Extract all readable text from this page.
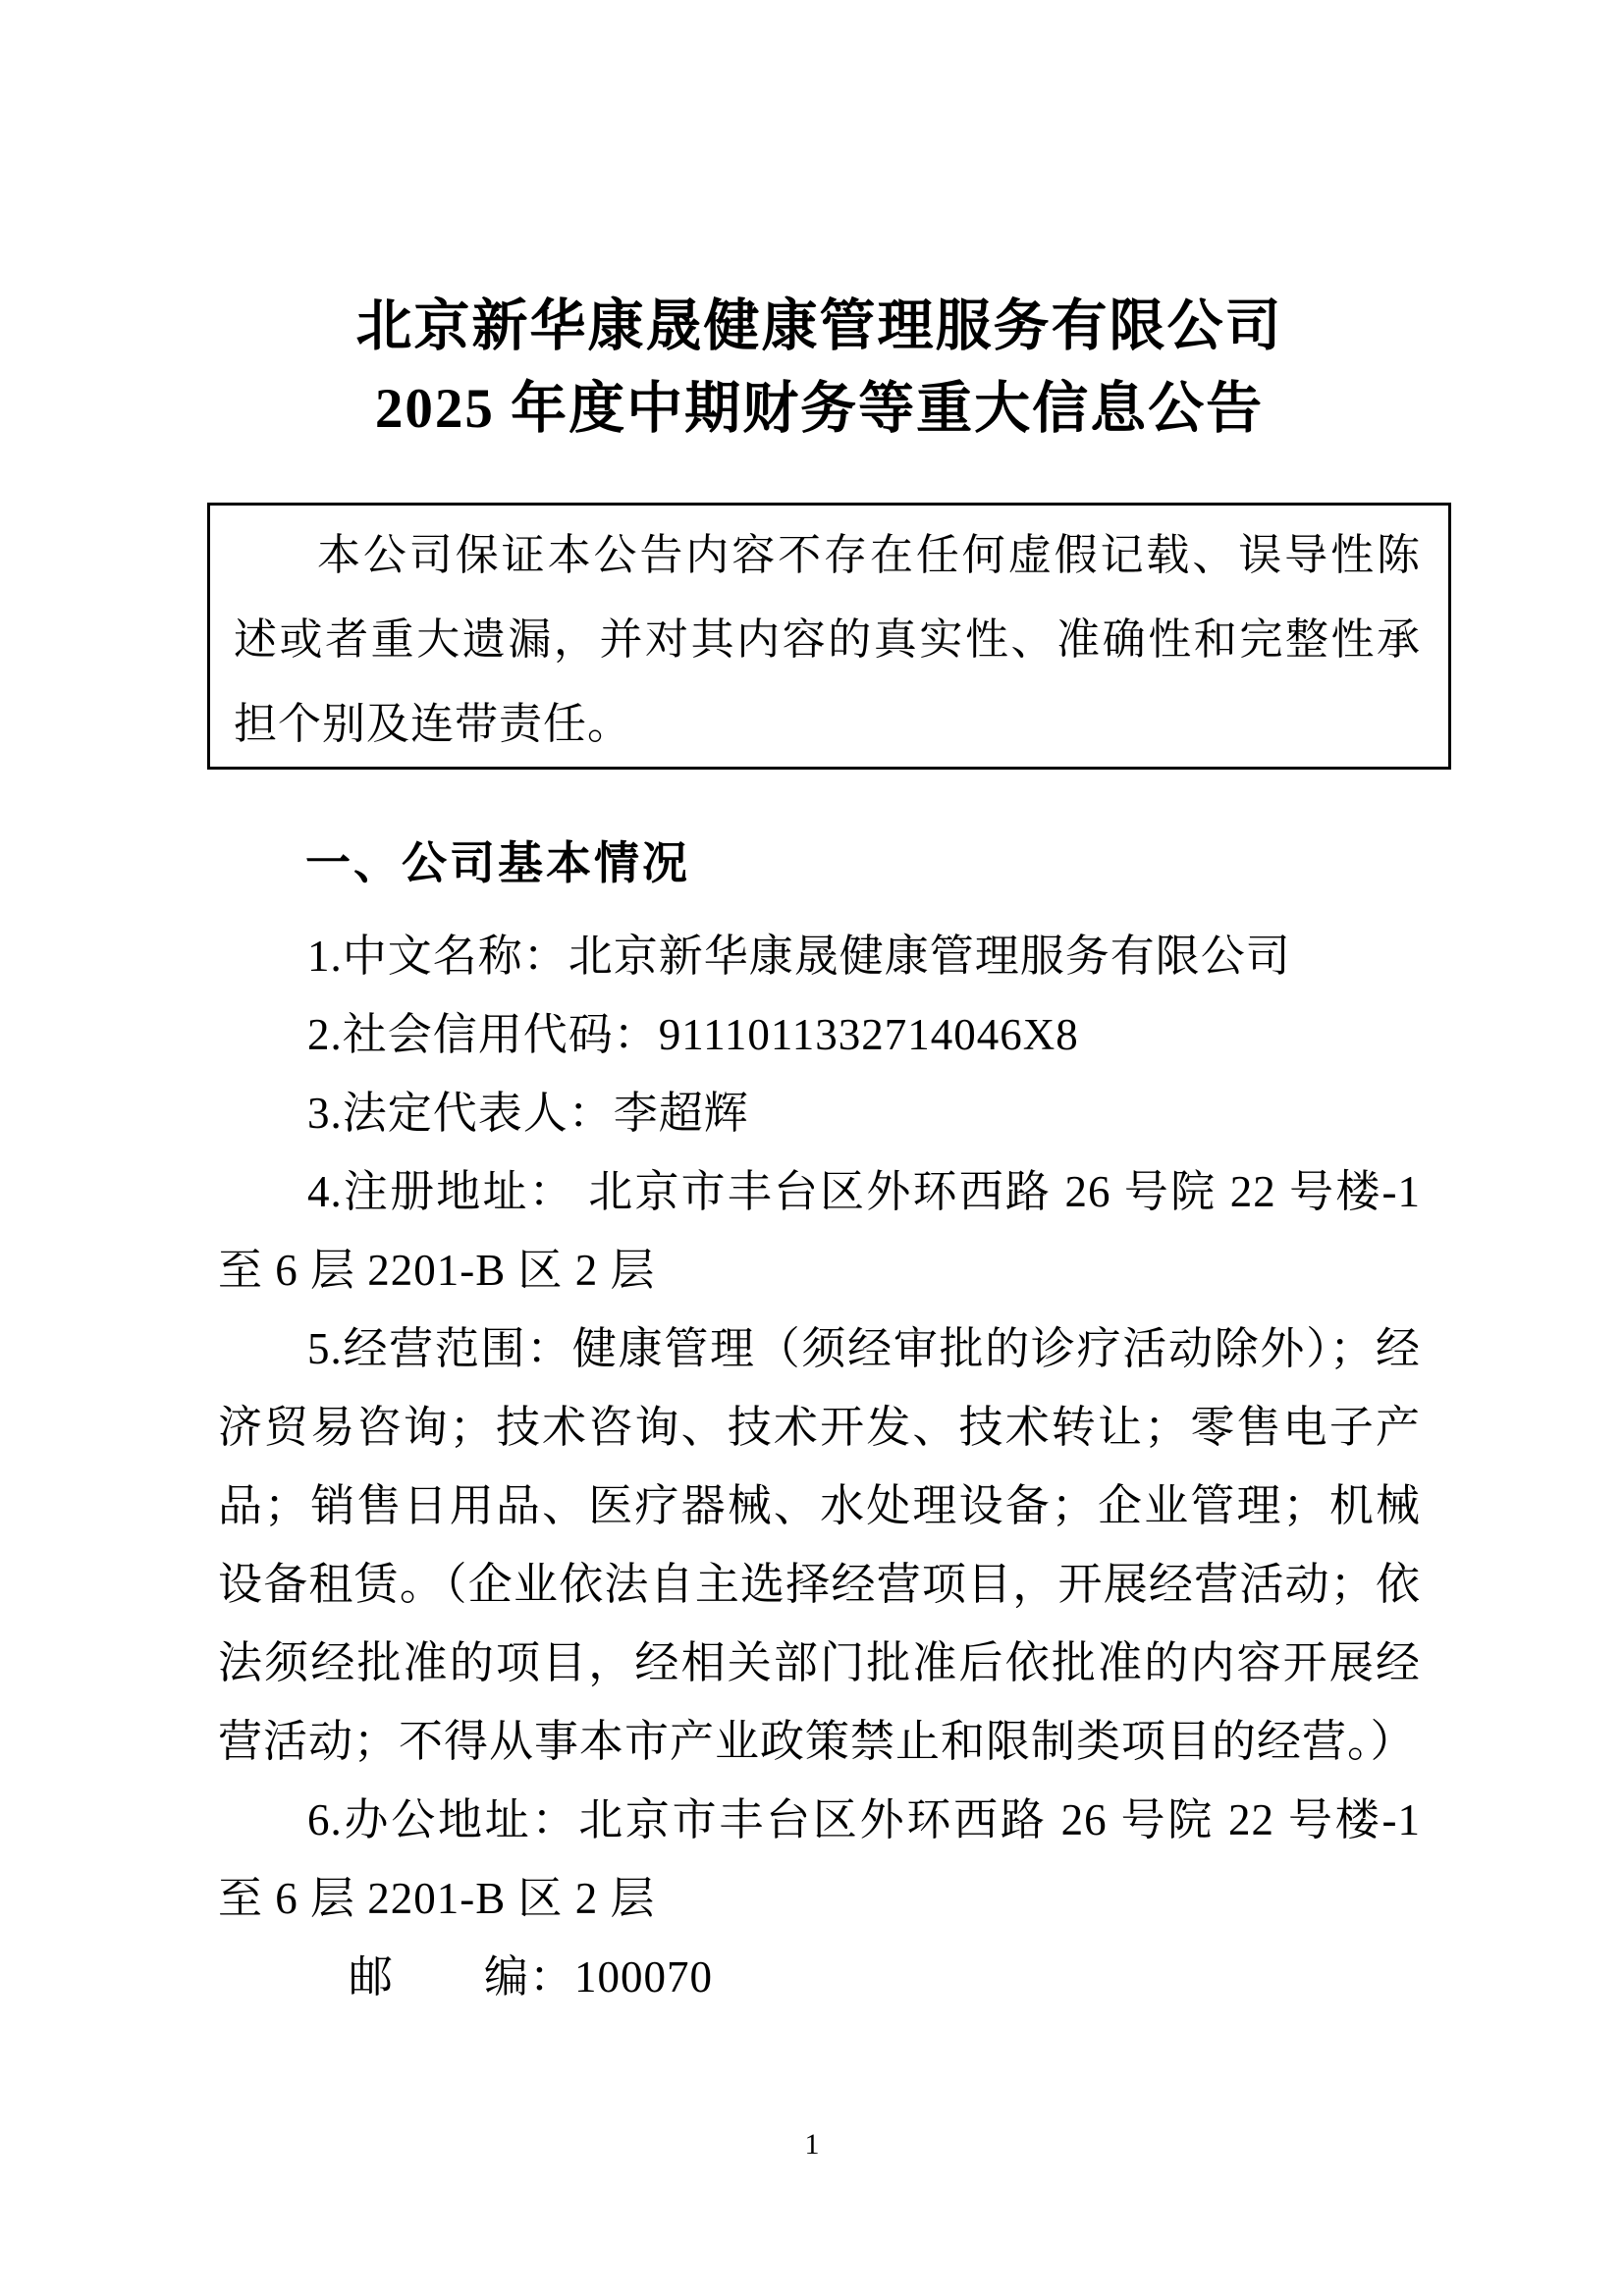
北京新华康晟健康管理服务有限公司
2025 年度中期财务等重大信息公告

本公司保证本公告内容不存在任何虚假记载、误导性陈述或者重大遗漏，并对其内容的真实性、准确性和完整性承担个别及连带责任。

一、公司基本情况

1.中文名称：北京新华康晟健康管理服务有限公司

2.社会信用代码：9111011332714046X8

3.法定代表人：李超辉

4.注册地址： 北京市丰台区外环西路 26 号院 22 号楼-1 至 6 层 2201-B 区 2 层

5.经营范围：健康管理（须经审批的诊疗活动除外）；经济贸易咨询；技术咨询、技术开发、技术转让；零售电子产品；销售日用品、医疗器械、水处理设备；企业管理；机械设备租赁。（企业依法自主选择经营项目，开展经营活动；依法须经批准的项目，经相关部门批准后依批准的内容开展经营活动；不得从事本市产业政策禁止和限制类项目的经营。）

6.办公地址：北京市丰台区外环西路 26 号院 22 号楼-1 至 6 层 2201-B 区 2 层

邮　　编：100070

1
